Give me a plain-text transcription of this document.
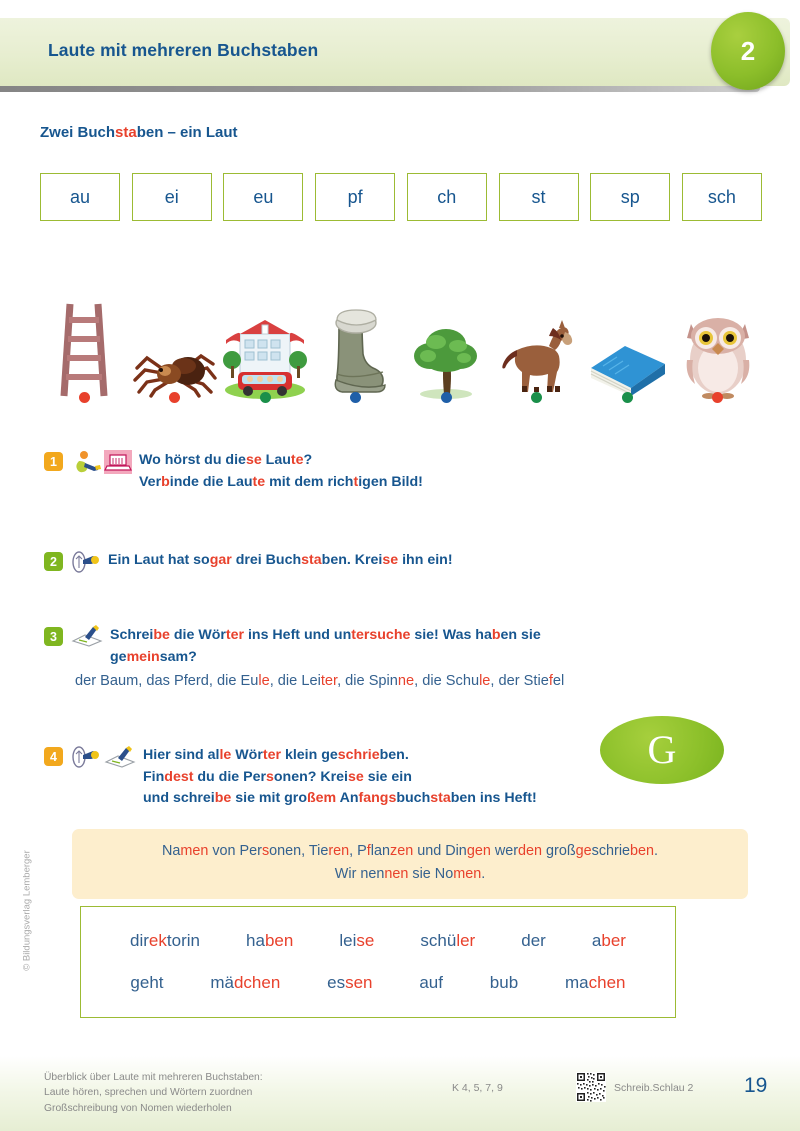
Laute mit mehreren Buchstaben	2
Zwei Buchstaben – ein Laut
au	ei	eu	pf	ch	st	sp	sch
1	Wo hörst du diese Laute?
Verbinde die Laute mit dem richtigen Bild!
2	Ein Laut hat sogar drei Buchstaben. Kreise ihn ein!
3	Schreibe die Wörter ins Heft und untersuche sie! Was haben sie
gemeinsam?
der Baum, das Pferd, die Eule, die Leiter, die Spinne, die Schule, der Stiefel
4	Hier sind alle Wörter klein geschrieben.
Findest du die Personen? Kreise sie ein
und schreibe sie mit großem Anfangsbuchstaben ins Heft!
G
Namen von Personen, Tieren, Pflanzen und Dingen werden großgeschrieben.
Wir nennen sie Nomen.
direktorin	haben	leise	schüler	der	aber
geht	mädchen	essen	auf	bub	machen
© Bildungsverlag Lemberger
Überblick über Laute mit mehreren Buchstaben:
Laute hören, sprechen und Wörtern zuordnen
Großschreibung von Nomen wiederholen
K 4, 5, 7, 9	Schreib.Schlau 2 19
